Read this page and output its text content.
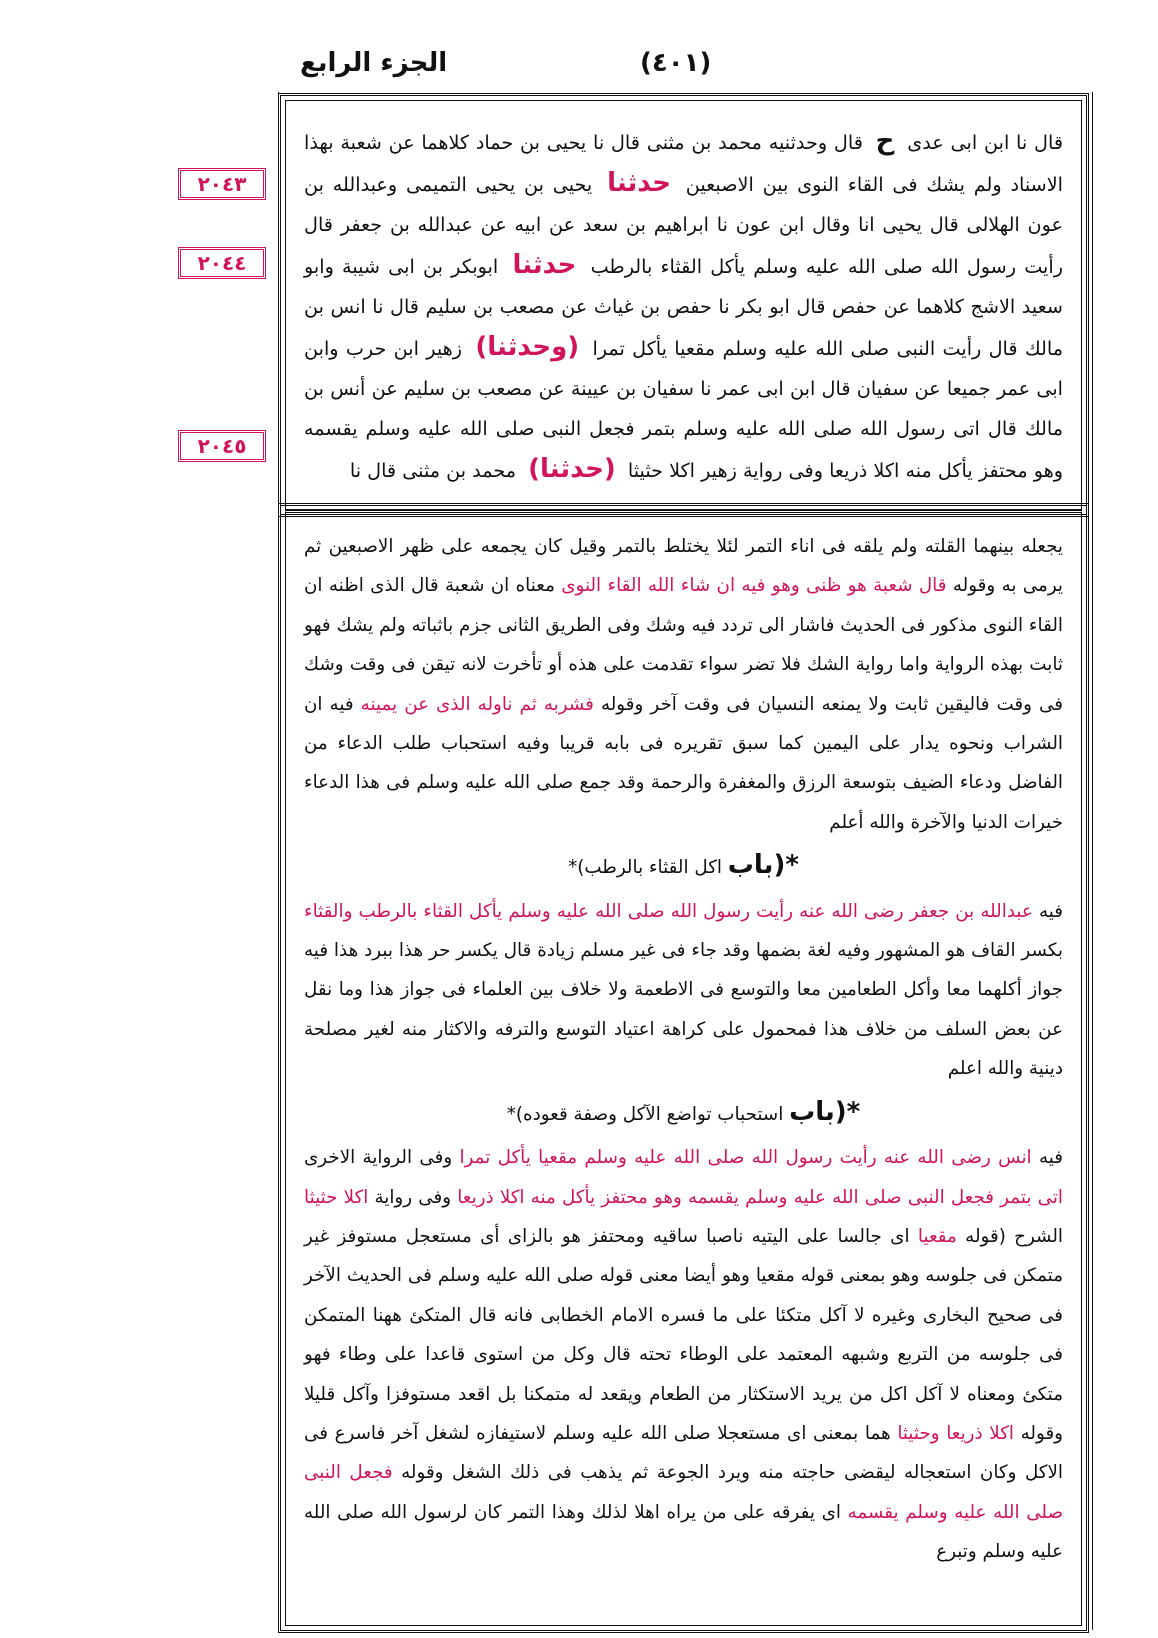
الجزء الرابع	(٤٠١)
٢٠٤٣
٢٠٤٤
٢٠٤٥
قال نا ابن ابى عدى ح قال وحدثنيه محمد بن مثنى قال نا يحيى بن حماد كلاهما عن شعبة بهذا الاسناد ولم يشك فى القاء النوى بين الاصبعين حدثنا يحيى بن يحيى التميمى وعبدالله بن عون الهلالى قال يحيى انا وقال ابن عون نا ابراهيم بن سعد عن ابيه عن عبدالله بن جعفر قال رأيت رسول الله صلى الله عليه وسلم يأكل القثاء بالرطب حدثنا ابوبكر بن ابى شيبة وابو سعيد الاشج كلاهما عن حفص قال ابو بكر نا حفص بن غياث عن مصعب بن سليم قال نا انس بن مالك قال رأيت النبى صلى الله عليه وسلم مقعيا يأكل تمرا (وحدثنا) زهير ابن حرب وابن ابى عمر جميعا عن سفيان قال ابن ابى عمر نا سفيان بن عيينة عن مصعب بن سليم عن أنس بن مالك قال اتى رسول الله صلى الله عليه وسلم بتمر فجعل النبى صلى الله عليه وسلم يقسمه وهو محتفز يأكل منه اكلا ذريعا وفى رواية زهير اكلا حثيثا (حدثنا) محمد بن مثنى قال نا
يجعله بينهما القلته ولم يلقه فى اناء التمر لئلا يختلط بالتمر وقيل كان يجمعه على ظهر الاصبعين ثم يرمى به وقوله قال شعبة هو ظنى وهو فيه ان شاء الله القاء النوى معناه ان شعبة قال الذى اظنه ان القاء النوى مذكور فى الحديث فاشار الى تردد فيه وشك وفى الطريق الثانى جزم باثباته ولم يشك فهو ثابت بهذه الرواية واما رواية الشك فلا تضر سواء تقدمت على هذه أو تأخرت لانه تيقن فى وقت وشك فى وقت فاليقين ثابت ولا يمنعه النسيان فى وقت آخر وقوله فشربه ثم ناوله الذى عن يمينه فيه ان الشراب ونحوه يدار على اليمين كما سبق تقريره فى بابه قريبا وفيه استحباب طلب الدعاء من الفاضل ودعاء الضيف بتوسعة الرزق والمغفرة والرحمة وقد جمع صلى الله عليه وسلم فى هذا الدعاء خيرات الدنيا والآخرة والله أعلم
*(باب اكل القثاء بالرطب)*
فيه عبدالله بن جعفر رضى الله عنه رأيت رسول الله صلى الله عليه وسلم يأكل القثاء بالرطب والقثاء بكسر القاف هو المشهور وفيه لغة بضمها وقد جاء فى غير مسلم زيادة قال يكسر حر هذا ببرد هذا فيه جواز أكلهما معا وأكل الطعامين معا والتوسع فى الاطعمة ولا خلاف بين العلماء فى جواز هذا وما نقل عن بعض السلف من خلاف هذا فمحمول على كراهة اعتياد التوسع والترفه والاكثار منه لغير مصلحة دينية والله اعلم
*(باب استحباب تواضع الآكل وصفة قعوده)*
فيه انس رضى الله عنه رأيت رسول الله صلى الله عليه وسلم مقعيا يأكل تمرا وفى الرواية الاخرى اتى بتمر فجعل النبى صلى الله عليه وسلم يقسمه وهو محتفز يأكل منه اكلا ذريعا وفى رواية اكلا حثيثا الشرح (قوله مقعيا اى جالسا على اليتيه ناصبا ساقيه ومحتفز هو بالزاى أى مستعجل مستوفز غير متمكن فى جلوسه وهو بمعنى قوله مقعيا وهو أيضا معنى قوله صلى الله عليه وسلم فى الحديث الآخر فى صحيح البخارى وغيره لا آكل متكئا على ما فسره الامام الخطابى فانه قال المتكئ ههنا المتمكن فى جلوسه من التربع وشبهه المعتمد على الوطاء تحته قال وكل من استوى قاعدا على وطاء فهو متكئ ومعناه لا آكل اكل من يريد الاستكثار من الطعام ويقعد له متمكنا بل اقعد مستوفزا وآكل قليلا وقوله اكلا ذريعا وحثيثا هما بمعنى اى مستعجلا صلى الله عليه وسلم لاستيفازه لشغل آخر فاسرع فى الاكل وكان استعجاله ليقضى حاجته منه ويرد الجوعة ثم يذهب فى ذلك الشغل وقوله فجعل النبى صلى الله عليه وسلم يقسمه اى يفرقه على من يراه اهلا لذلك وهذا التمر كان لرسول الله صلى الله عليه وسلم وتبرع
